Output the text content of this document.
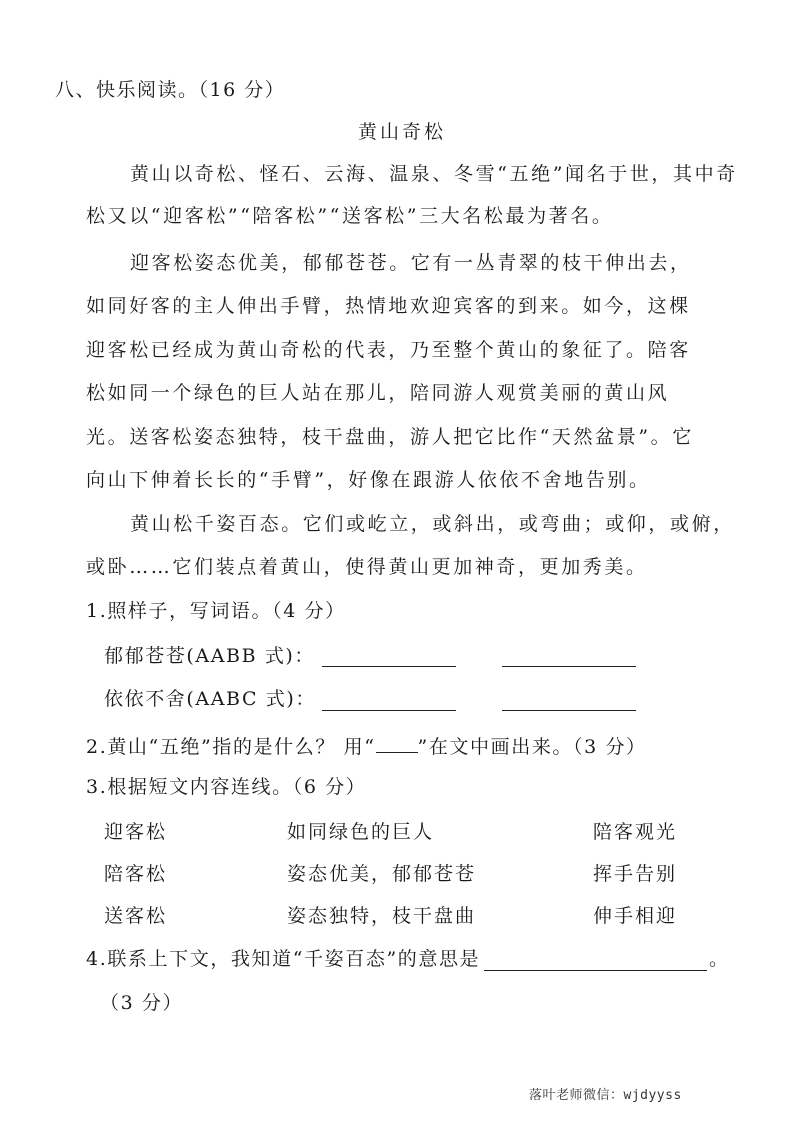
八、快乐阅读。（16 分）
黄山奇松
黄山以奇松、怪石、云海、温泉、冬雪“五绝”闻名于世，其中奇
松又以“迎客松”“陪客松”“送客松”三大名松最为著名。
迎客松姿态优美，郁郁苍苍。它有一丛青翠的枝干伸出去，
如同好客的主人伸出手臂，热情地欢迎宾客的到来。如今，这棵
迎客松已经成为黄山奇松的代表，乃至整个黄山的象征了。陪客
松如同一个绿色的巨人站在那儿，陪同游人观赏美丽的黄山风
光。送客松姿态独特，枝干盘曲，游人把它比作“天然盆景”。它
向山下伸着长长的“手臂”，好像在跟游人依依不舍地告别。
黄山松千姿百态。它们或屹立，或斜出，或弯曲；或仰，或俯，
或卧……它们装点着黄山，使得黄山更加神奇，更加秀美。
1.照样子，写词语。（4 分）
郁郁苍苍(AABB 式)：
依依不舍(AABC 式)：
2.黄山“五绝”指的是什么？ 用“ ”在文中画出来。（3 分）
3.根据短文内容连线。（6 分）
迎客松
陪客松
送客松
如同绿色的巨人
姿态优美，郁郁苍苍
姿态独特，枝干盘曲
陪客观光
挥手告别
伸手相迎
4.联系上下文，我知道“千姿百态”的意思是	。
（3 分）
落叶老师微信：wjdyyss
